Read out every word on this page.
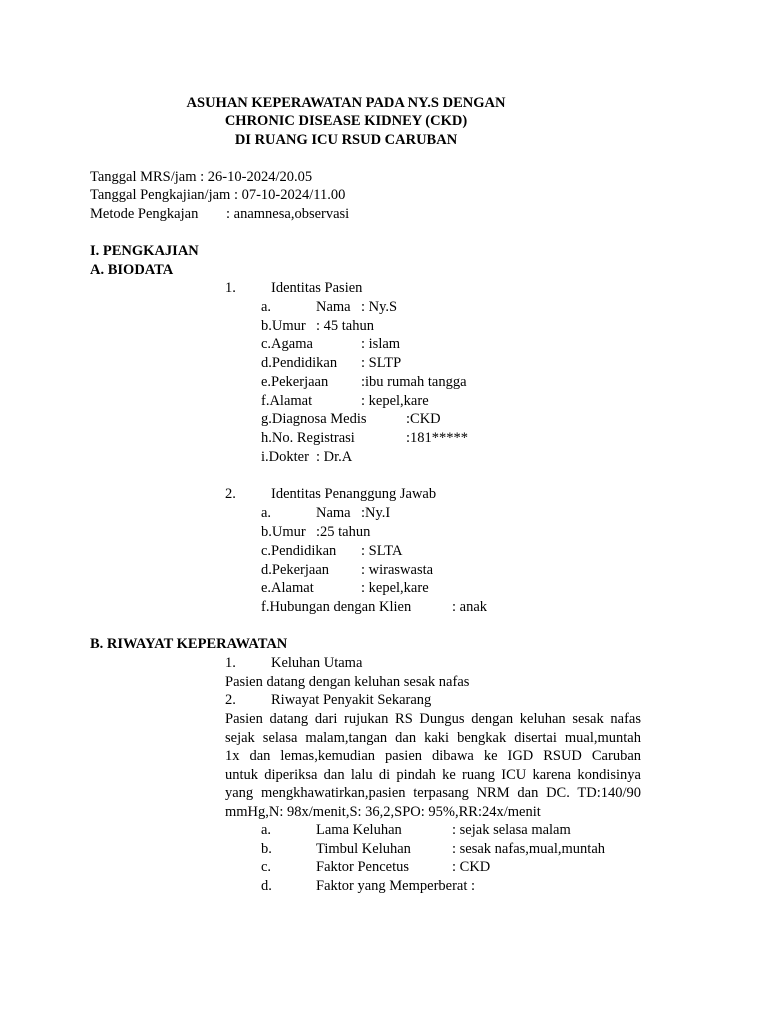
ASUHAN KEPERAWATAN PADA NY.S DENGAN
CHRONIC DISEASE KIDNEY (CKD)
DI RUANG ICU RSUD CARUBAN
Tanggal MRS/jam : 26-10-2024/20.05
Tanggal Pengkajian/jam : 07-10-2024/11.00
Metode Pengkajan : anamnesa,observasi
I. PENGKAJIAN
A. BIODATA
1. Identitas Pasien
a.	Nama : Ny.S
b.Umur : 45 tahun
c.Agama	: islam
d.Pendidikan : SLTP
e.Pekerjaan :ibu rumah tangga
f.Alamat	: kepel,kare
g.Diagnosa Medis	:CKD
h.No. Registrasi	:181*****
i.Dokter : Dr.A
2. Identitas Penanggung Jawab
a.	Nama :Ny.I
b.Umur :25 tahun
c.Pendidikan : SLTA
d.Pekerjaan : wiraswasta
e.Alamat	: kepel,kare
f.Hubungan dengan Klien	: anak
B. RIWAYAT KEPERAWATAN
1. Keluhan Utama
Pasien datang dengan keluhan sesak nafas
2. Riwayat Penyakit Sekarang
Pasien datang dari rujukan RS Dungus dengan keluhan sesak nafas
sejak selasa malam,tangan dan kaki bengkak disertai mual,muntah
1x dan lemas,kemudian pasien dibawa ke IGD RSUD Caruban
untuk diperiksa dan lalu di pindah ke ruang ICU karena kondisinya
yang mengkhawatirkan,pasien terpasang NRM dan DC. TD:140/90
mmHg,N: 98x/menit,S: 36,2,SPO: 95%,RR:24x/menit
a.	Lama Keluhan	: sejak selasa malam
b.	Timbul Keluhan	: sesak nafas,mual,muntah
c.	Faktor Pencetus	: CKD
d.	Faktor yang Memperberat :
